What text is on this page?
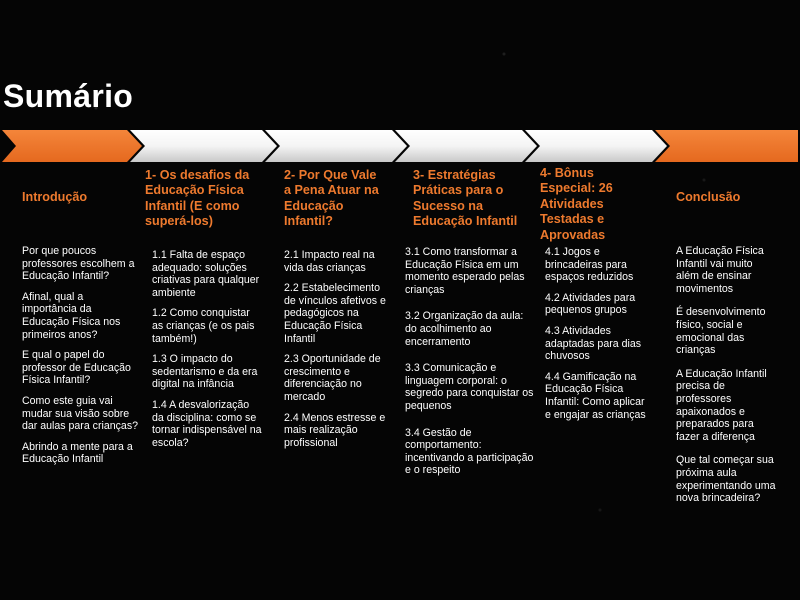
Sumário
Introdução

Por que poucos professores escolhem a Educação Infantil?

Afinal, qual a importância da Educação Física nos primeiros anos?

E qual o papel do professor de Educação Física Infantil?

Como este guia vai mudar sua visão sobre dar aulas para crianças?

Abrindo a mente para a Educação Infantil

1- Os desafios da Educação Física Infantil (E como superá-los)

1.1 Falta de espaço adequado: soluções criativas para qualquer ambiente

1.2 Como conquistar as crianças (e os pais também!)

1.3 O impacto do sedentarismo e da era digital na infância

1.4 A desvalorização da disciplina: como se tornar indispensável na escola?

2- Por Que Vale a Pena Atuar na Educação Infantil?

2.1 Impacto real na vida das crianças

2.2 Estabelecimento de vínculos afetivos e pedagógicos na Educação Física Infantil

2.3 Oportunidade de crescimento e diferenciação no mercado

2.4 Menos estresse e mais realização profissional

3- Estratégias Práticas para o Sucesso na Educação Infantil

3.1 Como transformar a Educação Física em um momento esperado pelas crianças

3.2 Organização da aula: do acolhimento ao encerramento

3.3 Comunicação e linguagem corporal: o segredo para conquistar os pequenos

3.4 Gestão de comportamento: incentivando a participação e o respeito

4- Bônus Especial: 26 Atividades Testadas e Aprovadas

4.1 Jogos e brincadeiras para espaços reduzidos

4.2 Atividades para pequenos grupos

4.3 Atividades adaptadas para dias chuvosos

4.4 Gamificação na Educação Física Infantil: Como aplicar e engajar as crianças

Conclusão

A Educação Física Infantil vai muito além de ensinar movimentos

É desenvolvimento físico, social e emocional das crianças

A Educação Infantil precisa de professores apaixonados e preparados para fazer a diferença

Que tal começar sua próxima aula experimentando uma nova brincadeira?
